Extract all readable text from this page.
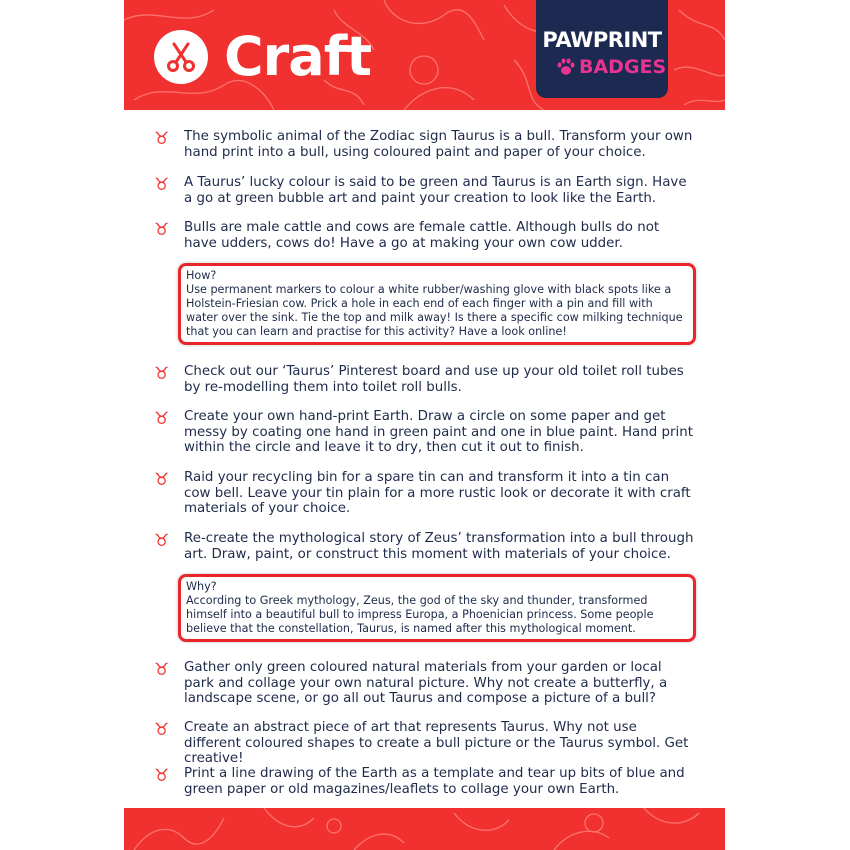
Craft	PAWPRINT
BADGES
♉	The symbolic animal of the Zodiac sign Taurus is a bull. Transform your own hand print into a bull, using coloured paint and paper of your choice.
♉	A Taurus’ lucky colour is said to be green and Taurus is an Earth sign. Have a go at green bubble art and paint your creation to look like the Earth.
♉	Bulls are male cattle and cows are female cattle. Although bulls do not have udders, cows do! Have a go at making your own cow udder.
How?
Use permanent markers to colour a white rubber/washing glove with black spots like a Holstein-Friesian cow. Prick a hole in each end of each finger with a pin and fill with water over the sink. Tie the top and milk away! Is there a specific cow milking technique that you can learn and practise for this activity? Have a look online!
♉	Check out our ‘Taurus’ Pinterest board and use up your old toilet roll tubes by re-modelling them into toilet roll bulls.
♉	Create your own hand-print Earth. Draw a circle on some paper and get messy by coating one hand in green paint and one in blue paint. Hand print within the circle and leave it to dry, then cut it out to finish.
♉	Raid your recycling bin for a spare tin can and transform it into a tin can cow bell. Leave your tin plain for a more rustic look or decorate it with craft materials of your choice.
♉	Re-create the mythological story of Zeus’ transformation into a bull through art. Draw, paint, or construct this moment with materials of your choice.
Why?
According to Greek mythology, Zeus, the god of the sky and thunder, transformed himself into a beautiful bull to impress Europa, a Phoenician princess. Some people believe that the constellation, Taurus, is named after this mythological moment.
♉	Gather only green coloured natural materials from your garden or local park and collage your own natural picture. Why not create a butterfly, a landscape scene, or go all out Taurus and compose a picture of a bull?
♉	Create an abstract piece of art that represents Taurus. Why not use different coloured shapes to create a bull picture or the Taurus symbol. Get creative!
♉	Print a line drawing of the Earth as a template and tear up bits of blue and green paper or old magazines/leaflets to collage your own Earth.
